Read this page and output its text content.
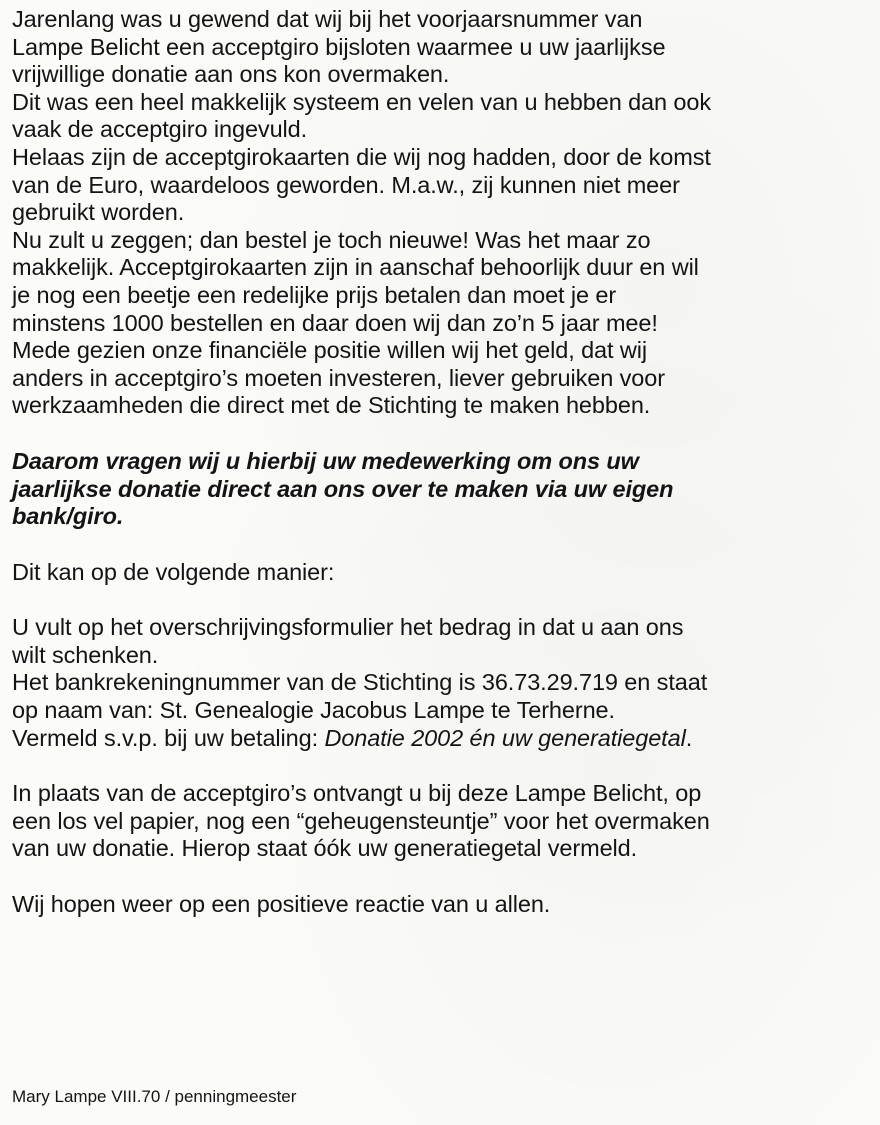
Jarenlang was u gewend dat wij bij het voorjaarsnummer van
Lampe Belicht een acceptgiro bijsloten waarmee u uw jaarlijkse
vrijwillige donatie aan ons kon overmaken.
Dit was een heel makkelijk systeem en velen van u hebben dan ook
vaak de acceptgiro ingevuld.
Helaas zijn de acceptgirokaarten die wij nog hadden, door de komst
van de Euro, waardeloos geworden. M.a.w., zij kunnen niet meer
gebruikt worden.
Nu zult u zeggen; dan bestel je toch nieuwe! Was het maar zo
makkelijk. Acceptgirokaarten zijn in aanschaf behoorlijk duur en wil
je nog een beetje een redelijke prijs betalen dan moet je er
minstens 1000 bestellen en daar doen wij dan zo’n 5 jaar mee!
Mede gezien onze financiële positie willen wij het geld, dat wij
anders in acceptgiro’s moeten investeren, liever gebruiken voor
werkzaamheden die direct met de Stichting te maken hebben.

Daarom vragen wij u hierbij uw medewerking om ons uw
jaarlijkse donatie direct aan ons over te maken via uw eigen
bank/giro.

Dit kan op de volgende manier:

U vult op het overschrijvingsformulier het bedrag in dat u aan ons
wilt schenken.
Het bankrekeningnummer van de Stichting is 36.73.29.719 en staat
op naam van: St. Genealogie Jacobus Lampe te Terherne.
Vermeld s.v.p. bij uw betaling: Donatie 2002 én uw generatiegetal.

In plaats van de acceptgiro’s ontvangt u bij deze Lampe Belicht, op
een los vel papier, nog een “geheugensteuntje” voor het overmaken
van uw donatie. Hierop staat óók uw generatiegetal vermeld.

Wij hopen weer op een positieve reactie van u allen.

Mary Lampe VIII.70 / penningmeester
